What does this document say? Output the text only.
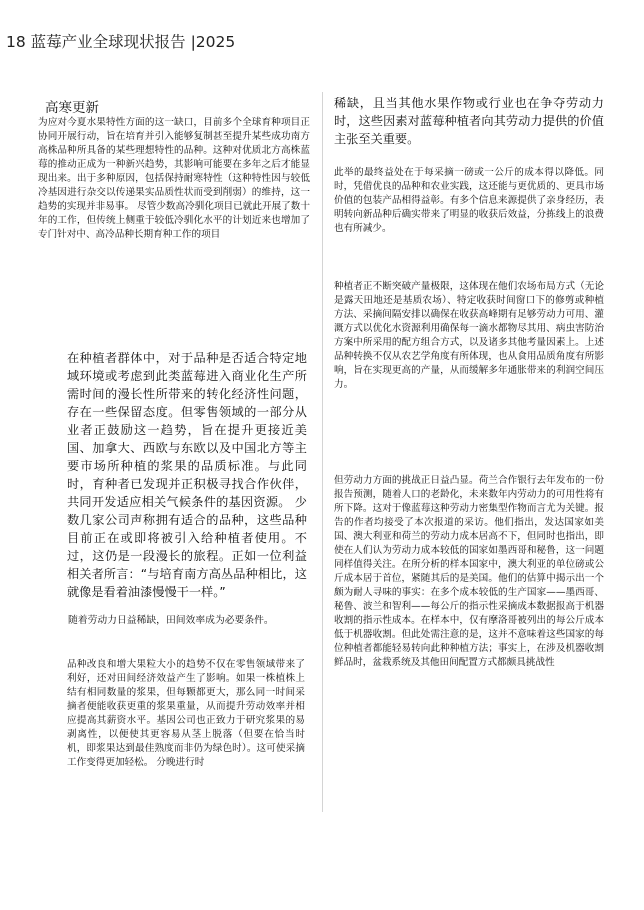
18 蓝莓产业全球现状报告 |2025
高寒更新

为应对今夏水果特性方面的这一缺口，目前多个全球育种项目正协同开展行动，旨在培育并引入能够复制甚至提升某些成功南方高株品种所具备的某些理想特性的品种。这种对优质北方高株蓝莓的推动正成为一种新兴趋势，其影响可能要在多年之后才能显现出来。出于多种原因，包括保持耐寒特性（这种特性因与较低冷基因进行杂交以传递果实品质性状而受到削弱）的维持，这一趋势的实现并非易事。 尽管少数高冷驯化项目已就此开展了数十年的工作，但传统上侧重于较低冷驯化水平的计划近来也增加了专门针对中、高冷品种长期育种工作的项目

在种植者群体中，对于品种是否适合特定地域环境或考虑到此类蓝莓进入商业化生产所需时间的漫长性所带来的转化经济性问题，存在一些保留态度。但零售领域的一部分从业者正鼓励这一趋势，旨在提升更接近美国、加拿大、西欧与东欧以及中国北方等主要市场所种植的浆果的品质标准。与此同时，育种者已发现并正积极寻找合作伙伴，共同开发适应相关气候条件的基因资源。 少数几家公司声称拥有适合的品种，这些品种目前正在或即将被引入给种植者使用。不过，这仍是一段漫长的旅程。正如一位利益相关者所言：“与培育南方高丛品种相比，这就像是看着油漆慢慢干一样。”

随着劳动力日益稀缺，田间效率成为必要条件。

品种改良和增大果粒大小的趋势不仅在零售领域带来了利好，还对田间经济效益产生了影响。如果一株植株上结有相同数量的浆果，但每颗都更大，那么同一时间采摘者便能收获更重的浆果重量，从而提升劳动效率并相应提高其薪资水平。基因公司也正致力于研究浆果的易剥离性，以便使其更容易从茎上脱落（但要在恰当时机，即浆果达到最佳熟度而非仍为绿色时）。这可使采摘工作变得更加轻松。 分晚进行时

稀缺，且当其他水果作物或行业也在争夺劳动力时，这些因素对蓝莓种植者向其劳动力提供的价值主张至关重要。

此举的最终益处在于每采摘一磅或一公斤的成本得以降低。同时，凭借优良的品种和农业实践，这还能与更优质的、更具市场价值的包装产品相得益彰。有多个信息来源提供了亲身经历，表明转向新品种后确实带来了明显的收获后效益，分拣线上的浪费也有所减少。

种植者正不断突破产量极限，这体现在他们农场布局方式（无论是露天田地还是基质农场）、特定收获时间窗口下的修剪或种植方法、采摘间隔安排以确保在收获高峰期有足够劳动力可用、灌溉方式以优化水资源利用确保每一滴水都物尽其用、病虫害防治方案中所采用的配方组合方式，以及诸多其他考量因素上。上述品种转换不仅从农艺学角度有所体现，也从食用品质角度有所影响，旨在实现更高的产量，从而缓解多年通胀带来的利润空间压力。

但劳动力方面的挑战正日益凸显。荷兰合作银行去年发布的一份报告预测，随着人口的老龄化，未来数年内劳动力的可用性将有所下降。这对于像蓝莓这种劳动力密集型作物而言尤为关键。报告的作者均接受了本次报道的采访。他们指出，发达国家如美国、澳大利亚和荷兰的劳动力成本居高不下，但同时也指出，即使在人们认为劳动力成本较低的国家如墨西哥和秘鲁，这一问题同样值得关注。在所分析的样本国家中，澳大利亚的单位磅或公斤成本居于首位，紧随其后的是美国。他们的估算中揭示出一个颇为耐人寻味的事实：在多个成本较低的生产国家——墨西哥、秘鲁、波兰和智利——每公斤的指示性采摘成本数据报高于机器收割的指示性成本。在样本中，仅有摩洛哥被列出的每公斤成本低于机器收割。但此处需注意的是，这并不意味着这些国家的每位种植者都能轻易转向此种种植方法；事实上，在涉及机器收割鲜品时，盆栽系统及其他田间配置方式都颇具挑战性
